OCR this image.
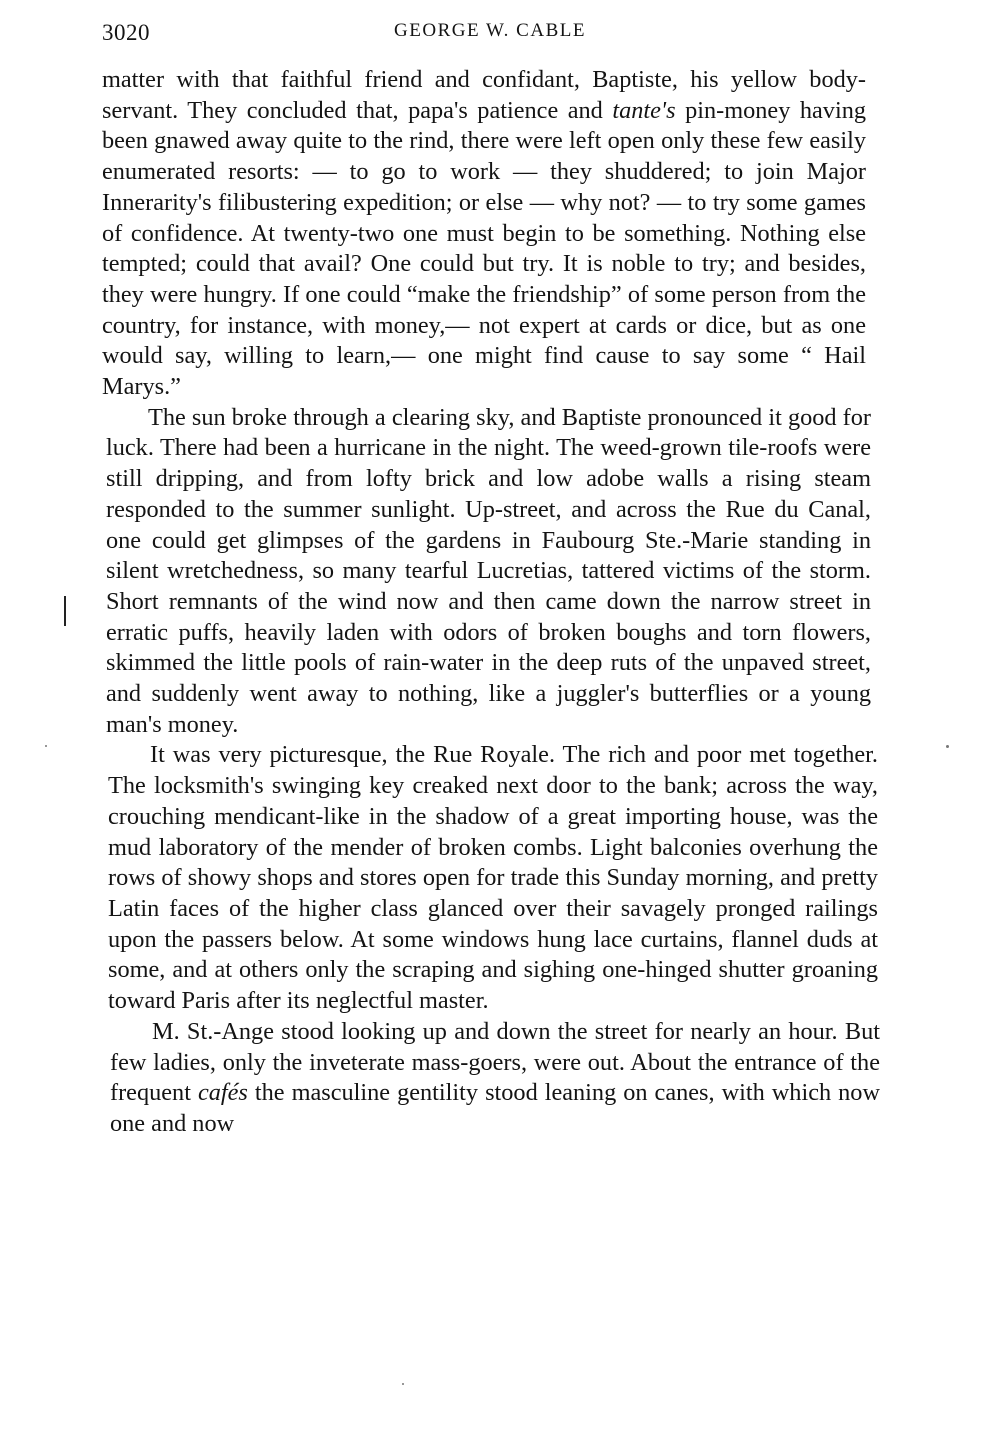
3020	GEORGE W. CABLE

matter with that faithful friend and confidant, Baptiste, his yellow body-servant. They concluded that, papa's patience and tante's pin-money having been gnawed away quite to the rind, there were left open only these few easily enumerated resorts: — to go to work — they shuddered; to join Major Innerarity's filibustering expedition; or else — why not? — to try some games of confidence. At twenty-two one must begin to be something. Nothing else tempted; could that avail? One could but try. It is noble to try; and besides, they were hungry. If one could “make the friendship” of some person from the country, for instance, with money,— not expert at cards or dice, but as one would say, willing to learn,— one might find cause to say some “ Hail Marys.”

The sun broke through a clearing sky, and Baptiste pronounced it good for luck. There had been a hurricane in the night. The weed-grown tile-roofs were still dripping, and from lofty brick and low adobe walls a rising steam responded to the summer sunlight. Up-street, and across the Rue du Canal, one could get glimpses of the gardens in Faubourg Ste.-Marie standing in silent wretchedness, so many tearful Lucretias, tattered victims of the storm. Short remnants of the wind now and then came down the narrow street in erratic puffs, heavily laden with odors of broken boughs and torn flowers, skimmed the little pools of rain-water in the deep ruts of the unpaved street, and suddenly went away to nothing, like a juggler's butterflies or a young man's money.

It was very picturesque, the Rue Royale. The rich and poor met together. The locksmith's swinging key creaked next door to the bank; across the way, crouching mendicant-like in the shadow of a great importing house, was the mud laboratory of the mender of broken combs. Light balconies overhung the rows of showy shops and stores open for trade this Sunday morning, and pretty Latin faces of the higher class glanced over their savagely pronged railings upon the passers below. At some windows hung lace curtains, flannel duds at some, and at others only the scraping and sighing one-hinged shutter groaning toward Paris after its neglectful master.

M. St.-Ange stood looking up and down the street for nearly an hour. But few ladies, only the inveterate mass-goers, were out. About the entrance of the frequent cafés the masculine gentility stood leaning on canes, with which now one and now
